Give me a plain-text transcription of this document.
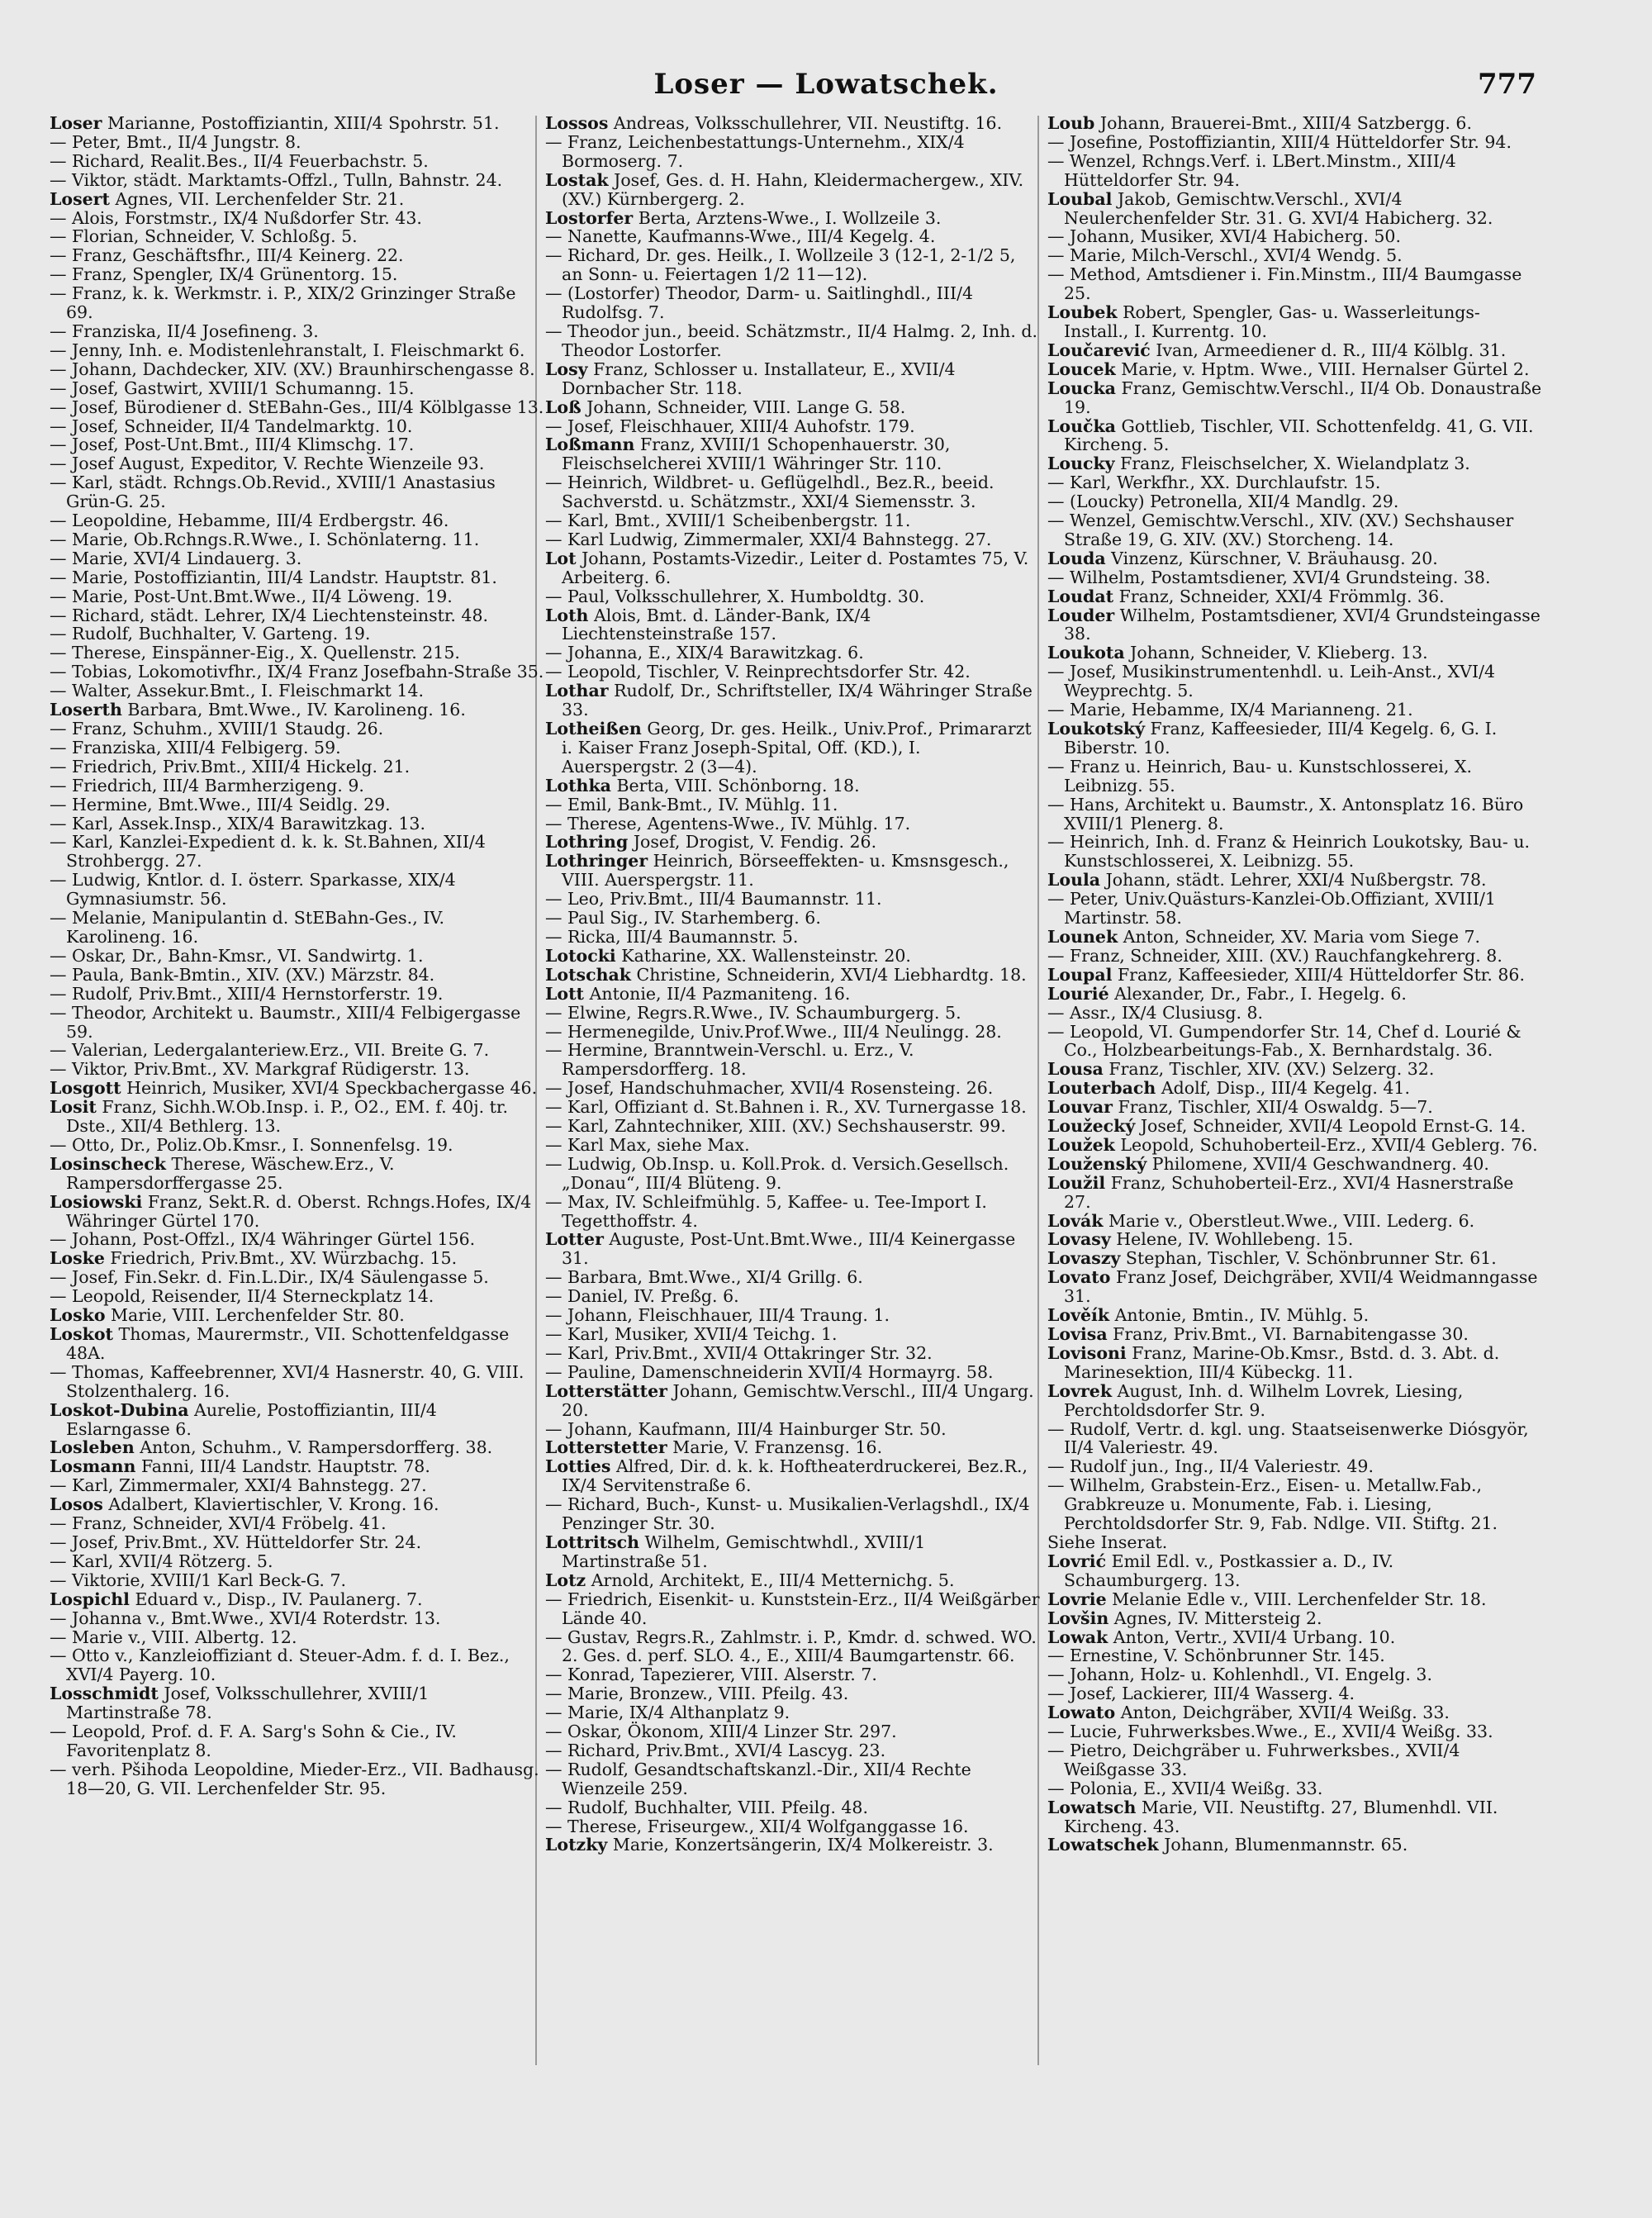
Loser — Lowatschek.	777
Loser Marianne, Postoffiziantin, XIII/4 Spohrstr. 51.
— Peter, Bmt., II/4 Jungstr. 8.
— Richard, Realit.Bes., II/4 Feuerbachstr. 5.
— Viktor, städt. Marktamts-Offzl., Tulln, Bahnstr. 24.
Losert Agnes, VII. Lerchenfelder Str. 21.
— Alois, Forstmstr., IX/4 Nußdorfer Str. 43.
— Florian, Schneider, V. Schloßg. 5.
— Franz, Geschäftsfhr., III/4 Keinerg. 22.
— Franz, Spengler, IX/4 Grünentorg. 15.
— Franz, k. k. Werkmstr. i. P., XIX/2 Grinzinger Straße 69.
— Franziska, II/4 Josefineng. 3.
— Jenny, Inh. e. Modistenlehranstalt, I. Fleischmarkt 6.
— Johann, Dachdecker, XIV. (XV.) Braunhirschengasse 8.
— Josef, Gastwirt, XVIII/1 Schumanng. 15.
— Josef, Bürodiener d. StEBahn-Ges., III/4 Kölblgasse 13.
— Josef, Schneider, II/4 Tandelmarktg. 10.
— Josef, Post-Unt.Bmt., III/4 Klimschg. 17.
— Josef August, Expeditor, V. Rechte Wienzeile 93.
— Karl, städt. Rchngs.Ob.Revid., XVIII/1 Anastasius Grün-G. 25.
— Leopoldine, Hebamme, III/4 Erdbergstr. 46.
— Marie, Ob.Rchngs.R.Wwe., I. Schönlaterng. 11.
— Marie, XVI/4 Lindauerg. 3.
— Marie, Postoffiziantin, III/4 Landstr. Hauptstr. 81.
— Marie, Post-Unt.Bmt.Wwe., II/4 Löweng. 19.
— Richard, städt. Lehrer, IX/4 Liechtensteinstr. 48.
— Rudolf, Buchhalter, V. Garteng. 19.
— Therese, Einspänner-Eig., X. Quellenstr. 215.
— Tobias, Lokomotivfhr., IX/4 Franz Josefbahn-Straße 35.
— Walter, Assekur.Bmt., I. Fleischmarkt 14.
Loserth Barbara, Bmt.Wwe., IV. Karolineng. 16.
— Franz, Schuhm., XVIII/1 Staudg. 26.
— Franziska, XIII/4 Felbigerg. 59.
— Friedrich, Priv.Bmt., XIII/4 Hickelg. 21.
— Friedrich, III/4 Barmherzigeng. 9.
— Hermine, Bmt.Wwe., III/4 Seidlg. 29.
— Karl, Assek.Insp., XIX/4 Barawitzkag. 13.
— Karl, Kanzlei-Expedient d. k. k. St.Bahnen, XII/4 Strohbergg. 27.
— Ludwig, Kntlor. d. I. österr. Sparkasse, XIX/4 Gymnasiumstr. 56.
— Melanie, Manipulantin d. StEBahn-Ges., IV. Karolineng. 16.
— Oskar, Dr., Bahn-Kmsr., VI. Sandwirtg. 1.
— Paula, Bank-Bmtin., XIV. (XV.) Märzstr. 84.
— Rudolf, Priv.Bmt., XIII/4 Hernstorferstr. 19.
— Theodor, Architekt u. Baumstr., XIII/4 Felbigergasse 59.
— Valerian, Ledergalanteriew.Erz., VII. Breite G. 7.
— Viktor, Priv.Bmt., XV. Markgraf Rüdigerstr. 13.
Losgott Heinrich, Musiker, XVI/4 Speckbachergasse 46.
Losit Franz, Sichh.W.Ob.Insp. i. P., O2., EM. f. 40j. tr. Dste., XII/4 Bethlerg. 13.
— Otto, Dr., Poliz.Ob.Kmsr., I. Sonnenfelsg. 19.
Losinscheck Therese, Wäschew.Erz., V. Rampersdorffergasse 25.
Losiowski Franz, Sekt.R. d. Oberst. Rchngs.Hofes, IX/4 Währinger Gürtel 170.
— Johann, Post-Offzl., IX/4 Währinger Gürtel 156.
Loske Friedrich, Priv.Bmt., XV. Würzbachg. 15.
— Josef, Fin.Sekr. d. Fin.L.Dir., IX/4 Säulengasse 5.
— Leopold, Reisender, II/4 Sterneckplatz 14.
Losko Marie, VIII. Lerchenfelder Str. 80.
Loskot Thomas, Maurermstr., VII. Schottenfeldgasse 48A.
— Thomas, Kaffeebrenner, XVI/4 Hasnerstr. 40, G. VIII. Stolzenthalerg. 16.
Loskot-Dubina Aurelie, Postoffiziantin, III/4 Eslarngasse 6.
Losleben Anton, Schuhm., V. Rampersdorfferg. 38.
Losmann Fanni, III/4 Landstr. Hauptstr. 78.
— Karl, Zimmermaler, XXI/4 Bahnstegg. 27.
Losos Adalbert, Klaviertischler, V. Krong. 16.
— Franz, Schneider, XVI/4 Fröbelg. 41.
— Josef, Priv.Bmt., XV. Hütteldorfer Str. 24.
— Karl, XVII/4 Rötzerg. 5.
— Viktorie, XVIII/1 Karl Beck-G. 7.
Lospichl Eduard v., Disp., IV. Paulanerg. 7.
— Johanna v., Bmt.Wwe., XVI/4 Roterdstr. 13.
— Marie v., VIII. Albertg. 12.
— Otto v., Kanzleioffiziant d. Steuer-Adm. f. d. I. Bez., XVI/4 Payerg. 10.
Losschmidt Josef, Volksschullehrer, XVIII/1 Martinstraße 78.
— Leopold, Prof. d. F. A. Sarg's Sohn & Cie., IV. Favoritenplatz 8.
— verh. Pšihoda Leopoldine, Mieder-Erz., VII. Badhausg. 18—20, G. VII. Lerchenfelder Str. 95.
Lossos Andreas, Volksschullehrer, VII. Neustiftg. 16.
— Franz, Leichenbestattungs-Unternehm., XIX/4 Bormoserg. 7.
Lostak Josef, Ges. d. H. Hahn, Kleidermachergew., XIV. (XV.) Kürnbergerg. 2.
Lostorfer Berta, Arztens-Wwe., I. Wollzeile 3.
— Nanette, Kaufmanns-Wwe., III/4 Kegelg. 4.
— Richard, Dr. ges. Heilk., I. Wollzeile 3 (12-1, 2-1/2 5, an Sonn- u. Feiertagen 1/2 11—12).
— (Lostorfer) Theodor, Darm- u. Saitlinghdl., III/4 Rudolfsg. 7.
— Theodor jun., beeid. Schätzmstr., II/4 Halmg. 2, Inh. d. Theodor Lostorfer.
Losy Franz, Schlosser u. Installateur, E., XVII/4 Dornbacher Str. 118.
Loß Johann, Schneider, VIII. Lange G. 58.
— Josef, Fleischhauer, XIII/4 Auhofstr. 179.
Loßmann Franz, XVIII/1 Schopenhauerstr. 30, Fleischselcherei XVIII/1 Währinger Str. 110.
— Heinrich, Wildbret- u. Geflügelhdl., Bez.R., beeid. Sachverstd. u. Schätzmstr., XXI/4 Siemensstr. 3.
— Karl, Bmt., XVIII/1 Scheibenbergstr. 11.
— Karl Ludwig, Zimmermaler, XXI/4 Bahnstegg. 27.
Lot Johann, Postamts-Vizedir., Leiter d. Postamtes 75, V. Arbeiterg. 6.
— Paul, Volksschullehrer, X. Humboldtg. 30.
Loth Alois, Bmt. d. Länder-Bank, IX/4 Liechtensteinstraße 157.
— Johanna, E., XIX/4 Barawitzkag. 6.
— Leopold, Tischler, V. Reinprechtsdorfer Str. 42.
Lothar Rudolf, Dr., Schriftsteller, IX/4 Währinger Straße 33.
Lotheißen Georg, Dr. ges. Heilk., Univ.Prof., Primararzt i. Kaiser Franz Joseph-Spital, Off. (KD.), I. Auerspergstr. 2 (3—4).
Lothka Berta, VIII. Schönborng. 18.
— Emil, Bank-Bmt., IV. Mühlg. 11.
— Therese, Agentens-Wwe., IV. Mühlg. 17.
Lothring Josef, Drogist, V. Fendig. 26.
Lothringer Heinrich, Börseeffekten- u. Kmsnsgesch., VIII. Auerspergstr. 11.
— Leo, Priv.Bmt., III/4 Baumannstr. 11.
— Paul Sig., IV. Starhemberg. 6.
— Ricka, III/4 Baumannstr. 5.
Lotocki Katharine, XX. Wallensteinstr. 20.
Lotschak Christine, Schneiderin, XVI/4 Liebhardtg. 18.
Lott Antonie, II/4 Pazmaniteng. 16.
— Elwine, Regrs.R.Wwe., IV. Schaumburgerg. 5.
— Hermenegilde, Univ.Prof.Wwe., III/4 Neulingg. 28.
— Hermine, Branntwein-Verschl. u. Erz., V. Rampersdorfferg. 18.
— Josef, Handschuhmacher, XVII/4 Rosensteing. 26.
— Karl, Offiziant d. St.Bahnen i. R., XV. Turnergasse 18.
— Karl, Zahntechniker, XIII. (XV.) Sechshauserstr. 99.
— Karl Max, siehe Max.
— Ludwig, Ob.Insp. u. Koll.Prok. d. Versich.Gesellsch. „Donau“, III/4 Blüteng. 9.
— Max, IV. Schleifmühlg. 5, Kaffee- u. Tee-Import I. Tegetthoffstr. 4.
Lotter Auguste, Post-Unt.Bmt.Wwe., III/4 Keinergasse 31.
— Barbara, Bmt.Wwe., XI/4 Grillg. 6.
— Daniel, IV. Preßg. 6.
— Johann, Fleischhauer, III/4 Traung. 1.
— Karl, Musiker, XVII/4 Teichg. 1.
— Karl, Priv.Bmt., XVII/4 Ottakringer Str. 32.
— Pauline, Damenschneiderin XVII/4 Hormayrg. 58.
Lotterstätter Johann, Gemischtw.Verschl., III/4 Ungarg. 20.
— Johann, Kaufmann, III/4 Hainburger Str. 50.
Lotterstetter Marie, V. Franzensg. 16.
Lotties Alfred, Dir. d. k. k. Hoftheaterdruckerei, Bez.R., IX/4 Servitenstraße 6.
— Richard, Buch-, Kunst- u. Musikalien-Verlagshdl., IX/4 Penzinger Str. 30.
Lottritsch Wilhelm, Gemischtwhdl., XVIII/1 Martinstraße 51.
Lotz Arnold, Architekt, E., III/4 Metternichg. 5.
— Friedrich, Eisenkit- u. Kunststein-Erz., II/4 Weißgärber Lände 40.
— Gustav, Regrs.R., Zahlmstr. i. P., Kmdr. d. schwed. WO. 2. Ges. d. perf. SLO. 4., E., XIII/4 Baumgartenstr. 66.
— Konrad, Tapezierer, VIII. Alserstr. 7.
— Marie, Bronzew., VIII. Pfeilg. 43.
— Marie, IX/4 Althanplatz 9.
— Oskar, Ökonom, XIII/4 Linzer Str. 297.
— Richard, Priv.Bmt., XVI/4 Lascyg. 23.
— Rudolf, Gesandtschaftskanzl.-Dir., XII/4 Rechte Wienzeile 259.
— Rudolf, Buchhalter, VIII. Pfeilg. 48.
— Therese, Friseurgew., XII/4 Wolfganggasse 16.
Lotzky Marie, Konzertsängerin, IX/4 Molkereistr. 3.
Loub Johann, Brauerei-Bmt., XIII/4 Satzbergg. 6.
— Josefine, Postoffiziantin, XIII/4 Hütteldorfer Str. 94.
— Wenzel, Rchngs.Verf. i. LBert.Minstm., XIII/4 Hütteldorfer Str. 94.
Loubal Jakob, Gemischtw.Verschl., XVI/4 Neulerchenfelder Str. 31. G. XVI/4 Habicherg. 32.
— Johann, Musiker, XVI/4 Habicherg. 50.
— Marie, Milch-Verschl., XVI/4 Wendg. 5.
— Method, Amtsdiener i. Fin.Minstm., III/4 Baumgasse 25.
Loubek Robert, Spengler, Gas- u. Wasserleitungs-Install., I. Kurrentg. 10.
Loučarević Ivan, Armeediener d. R., III/4 Kölblg. 31.
Loucek Marie, v. Hptm. Wwe., VIII. Hernalser Gürtel 2.
Loucka Franz, Gemischtw.Verschl., II/4 Ob. Donaustraße 19.
Loučka Gottlieb, Tischler, VII. Schottenfeldg. 41, G. VII. Kircheng. 5.
Loucky Franz, Fleischselcher, X. Wielandplatz 3.
— Karl, Werkfhr., XX. Durchlaufstr. 15.
— (Loucky) Petronella, XII/4 Mandlg. 29.
— Wenzel, Gemischtw.Verschl., XIV. (XV.) Sechshauser Straße 19, G. XIV. (XV.) Storcheng. 14.
Louda Vinzenz, Kürschner, V. Bräuhausg. 20.
— Wilhelm, Postamtsdiener, XVI/4 Grundsteing. 38.
Loudat Franz, Schneider, XXI/4 Frömmlg. 36.
Louder Wilhelm, Postamtsdiener, XVI/4 Grundsteingasse 38.
Loukota Johann, Schneider, V. Klieberg. 13.
— Josef, Musikinstrumentenhdl. u. Leih-Anst., XVI/4 Weyprechtg. 5.
— Marie, Hebamme, IX/4 Marianneng. 21.
Loukotský Franz, Kaffeesieder, III/4 Kegelg. 6, G. I. Biberstr. 10.
— Franz u. Heinrich, Bau- u. Kunstschlosserei, X. Leibnizg. 55.
— Hans, Architekt u. Baumstr., X. Antonsplatz 16. Büro XVIII/1 Plenerg. 8.
— Heinrich, Inh. d. Franz & Heinrich Loukotsky, Bau- u. Kunstschlosserei, X. Leibnizg. 55.
Loula Johann, städt. Lehrer, XXI/4 Nußbergstr. 78.
— Peter, Univ.Quästurs-Kanzlei-Ob.Offiziant, XVIII/1 Martinstr. 58.
Lounek Anton, Schneider, XV. Maria vom Siege 7.
— Franz, Schneider, XIII. (XV.) Rauchfangkehrerg. 8.
Loupal Franz, Kaffeesieder, XIII/4 Hütteldorfer Str. 86.
Lourié Alexander, Dr., Fabr., I. Hegelg. 6.
— Assr., IX/4 Clusiusg. 8.
— Leopold, VI. Gumpendorfer Str. 14, Chef d. Lourié & Co., Holzbearbeitungs-Fab., X. Bernhardstalg. 36.
Lousa Franz, Tischler, XIV. (XV.) Selzerg. 32.
Louterbach Adolf, Disp., III/4 Kegelg. 41.
Louvar Franz, Tischler, XII/4 Oswaldg. 5—7.
Loužecký Josef, Schneider, XVII/4 Leopold Ernst-G. 14.
Loužek Leopold, Schuhoberteil-Erz., XVII/4 Geblerg. 76.
Louženský Philomene, XVII/4 Geschwandnerg. 40.
Loužil Franz, Schuhoberteil-Erz., XVI/4 Hasnerstraße 27.
Lovák Marie v., Oberstleut.Wwe., VIII. Lederg. 6.
Lovasy Helene, IV. Wohllebeng. 15.
Lovaszy Stephan, Tischler, V. Schönbrunner Str. 61.
Lovato Franz Josef, Deichgräber, XVII/4 Weidmanngasse 31.
Lověík Antonie, Bmtin., IV. Mühlg. 5.
Lovisa Franz, Priv.Bmt., VI. Barnabitengasse 30.
Lovisoni Franz, Marine-Ob.Kmsr., Bstd. d. 3. Abt. d. Marinesektion, III/4 Kübeckg. 11.
Lovrek August, Inh. d. Wilhelm Lovrek, Liesing, Perchtoldsdorfer Str. 9.
— Rudolf, Vertr. d. kgl. ung. Staatseisenwerke Diósgyör, II/4 Valeriestr. 49.
— Rudolf jun., Ing., II/4 Valeriestr. 49.
— Wilhelm, Grabstein-Erz., Eisen- u. Metallw.Fab., Grabkreuze u. Monumente, Fab. i. Liesing, Perchtoldsdorfer Str. 9, Fab. Ndlge. VII. Stiftg. 21.
Siehe Inserat.
Lovrić Emil Edl. v., Postkassier a. D., IV. Schaumburgerg. 13.
Lovrie Melanie Edle v., VIII. Lerchenfelder Str. 18.
Lovšin Agnes, IV. Mittersteig 2.
Lowak Anton, Vertr., XVII/4 Urbang. 10.
— Ernestine, V. Schönbrunner Str. 145.
— Johann, Holz- u. Kohlenhdl., VI. Engelg. 3.
— Josef, Lackierer, III/4 Wasserg. 4.
Lowato Anton, Deichgräber, XVII/4 Weißg. 33.
— Lucie, Fuhrwerksbes.Wwe., E., XVII/4 Weißg. 33.
— Pietro, Deichgräber u. Fuhrwerksbes., XVII/4 Weißgasse 33.
— Polonia, E., XVII/4 Weißg. 33.
Lowatsch Marie, VII. Neustiftg. 27, Blumenhdl. VII. Kircheng. 43.
Lowatschek Johann, Blumenmannstr. 65.
